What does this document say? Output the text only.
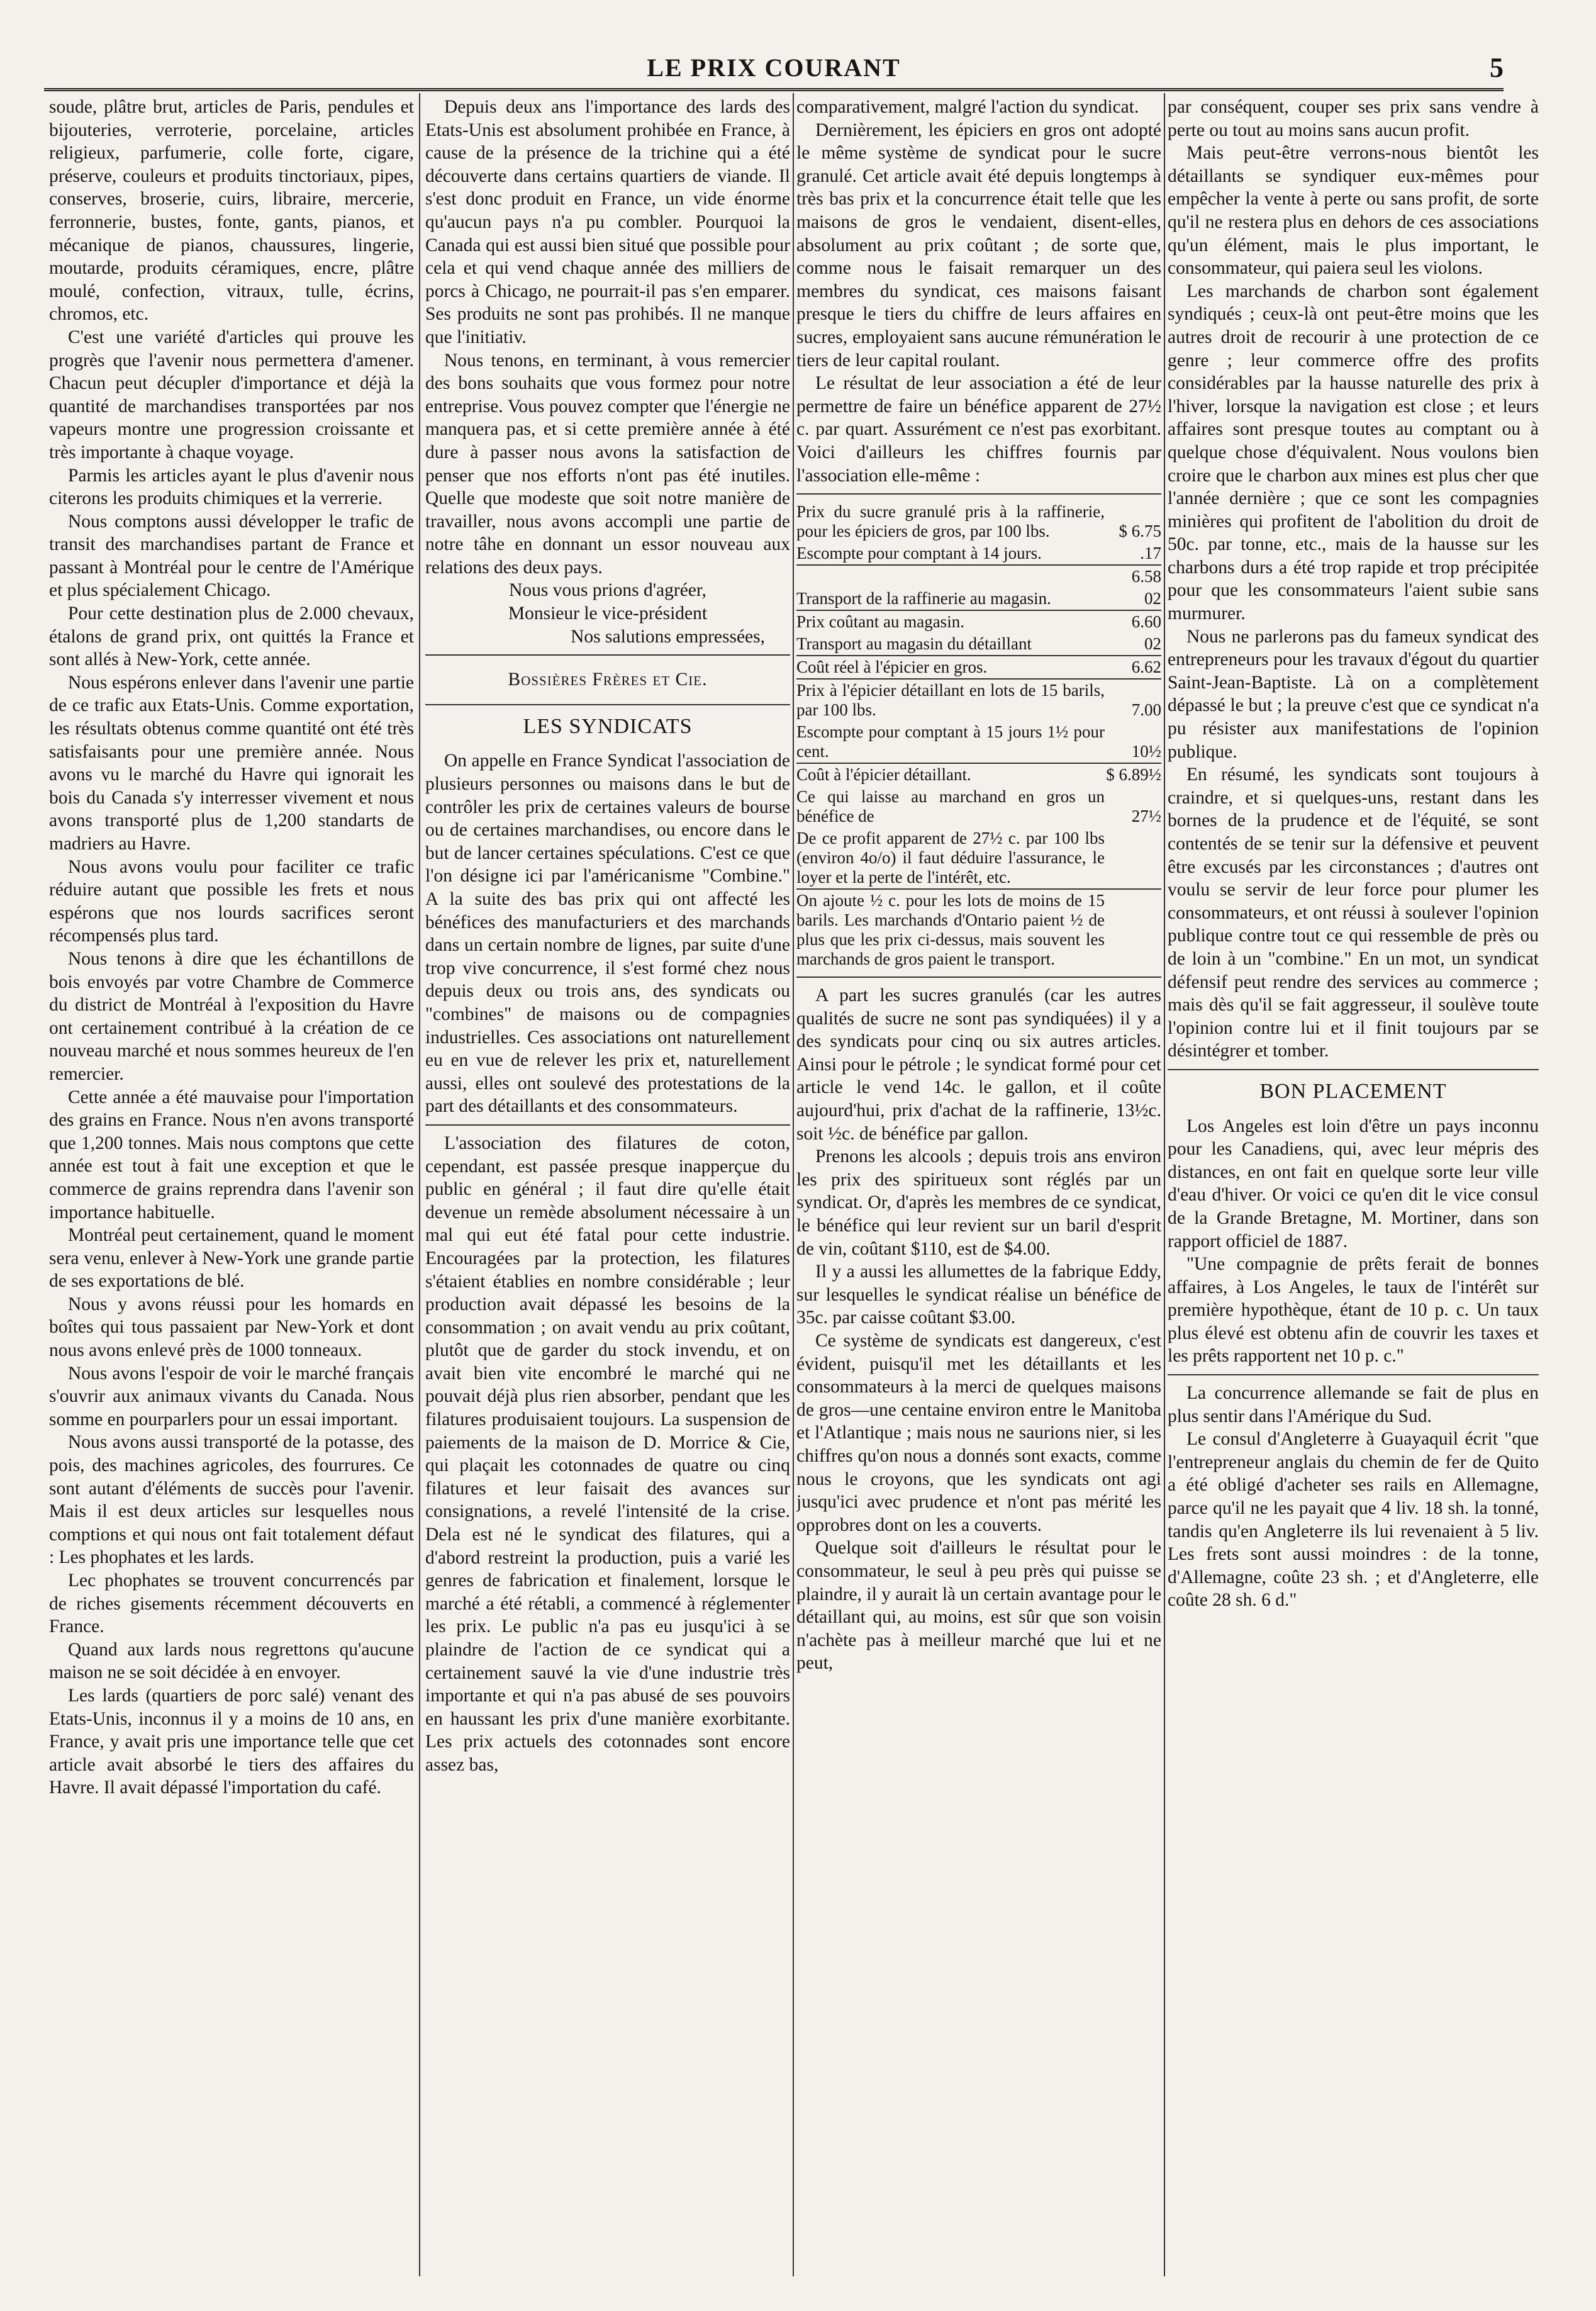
LE PRIX COURANT	5

soude, plâtre brut, articles de Paris, pendules et bijouteries, verroterie, porcelaine, articles religieux, parfumerie, colle forte, cigare, préserve, couleurs et produits tinctoriaux, pipes, conserves, broserie, cuirs, libraire, mercerie, ferronnerie, bustes, fonte, gants, pianos, et mécanique de pianos, chaussures, lingerie, moutarde, produits céramiques, encre, plâtre moulé, confection, vitraux, tulle, écrins, chromos, etc.

C'est une variété d'articles qui prouve les progrès que l'avenir nous permettera d'amener. Chacun peut décupler d'importance et déjà la quantité de marchandises transportées par nos vapeurs montre une progression croissante et très importante à chaque voyage.

Parmis les articles ayant le plus d'avenir nous citerons les produits chimiques et la verrerie.

Nous comptons aussi développer le trafic de transit des marchandises partant de France et passant à Montréal pour le centre de l'Amérique et plus spécialement Chicago.

Pour cette destination plus de 2.000 chevaux, étalons de grand prix, ont quittés la France et sont allés à New-York, cette année.

Nous espérons enlever dans l'avenir une partie de ce trafic aux Etats-Unis. Comme exportation, les résultats obtenus comme quantité ont été très satisfaisants pour une première année. Nous avons vu le marché du Havre qui ignorait les bois du Canada s'y interresser vivement et nous avons transporté plus de 1,200 standarts de madriers au Havre.

Nous avons voulu pour faciliter ce trafic réduire autant que possible les frets et nous espérons que nos lourds sacrifices seront récompensés plus tard.

Nous tenons à dire que les échantillons de bois envoyés par votre Chambre de Commerce du district de Montréal à l'exposition du Havre ont certainement contribué à la création de ce nouveau marché et nous sommes heureux de l'en remercier.

Cette année a été mauvaise pour l'importation des grains en France. Nous n'en avons transporté que 1,200 tonnes. Mais nous comptons que cette année est tout à fait une exception et que le commerce de grains reprendra dans l'avenir son importance habituelle.

Montréal peut certainement, quand le moment sera venu, enlever à New-York une grande partie de ses exportations de blé.

Nous y avons réussi pour les homards en boîtes qui tous passaient par New-York et dont nous avons enlevé près de 1000 tonneaux.

Nous avons l'espoir de voir le marché français s'ouvrir aux animaux vivants du Canada. Nous somme en pourparlers pour un essai important.

Nous avons aussi transporté de la potasse, des pois, des machines agricoles, des fourrures. Ce sont autant d'éléments de succès pour l'avenir. Mais il est deux articles sur lesquelles nous comptions et qui nous ont fait totalement défaut : Les phophates et les lards.

Lec phophates se trouvent concurrencés par de riches gisements récemment découverts en France.

Quand aux lards nous regrettons qu'aucune maison ne se soit décidée à en envoyer.

Les lards (quartiers de porc salé) venant des Etats-Unis, inconnus il y a moins de 10 ans, en France, y avait pris une importance telle que cet article avait absorbé le tiers des affaires du Havre. Il avait dépassé l'importation du café.

Depuis deux ans l'importance des lards des Etats-Unis est absolument prohibée en France, à cause de la présence de la trichine qui a été découverte dans certains quartiers de viande. Il s'est donc produit en France, un vide énorme qu'aucun pays n'a pu combler. Pourquoi la Canada qui est aussi bien situé que possible pour cela et qui vend chaque année des milliers de porcs à Chicago, ne pourrait-il pas s'en emparer. Ses produits ne sont pas prohibés. Il ne manque que l'initiativ.

Nous tenons, en terminant, à vous remercier des bons souhaits que vous formez pour notre entreprise. Vous pouvez compter que l'énergie ne manquera pas, et si cette première année à été dure à passer nous avons la satisfaction de penser que nos efforts n'ont pas été inutiles. Quelle que modeste que soit notre manière de travailler, nous avons accompli une partie de notre tâhe en donnant un essor nouveau aux relations des deux pays.

Nous vous prions d'agréer,

Monsieur le vice-président

Nos salutions empressées,

Bossières Frères et Cie.

LES SYNDICATS

On appelle en France Syndicat l'association de plusieurs personnes ou maisons dans le but de contrôler les prix de certaines valeurs de bourse ou de certaines marchandises, ou encore dans le but de lancer certaines spéculations. C'est ce que l'on désigne ici par l'américanisme "Combine." A la suite des bas prix qui ont affecté les bénéfices des manufacturiers et des marchands dans un certain nombre de lignes, par suite d'une trop vive concurrence, il s'est formé chez nous depuis deux ou trois ans, des syndicats ou "combines" de maisons ou de compagnies industrielles. Ces associations ont naturellement eu en vue de relever les prix et, naturellement aussi, elles ont soulevé des protestations de la part des détaillants et des consommateurs.

L'association des filatures de coton, cependant, est passée presque inapperçue du public en général ; il faut dire qu'elle était devenue un remède absolument nécessaire à un mal qui eut été fatal pour cette industrie. Encouragées par la protection, les filatures s'étaient établies en nombre considérable ; leur production avait dépassé les besoins de la consommation ; on avait vendu au prix coûtant, plutôt que de garder du stock invendu, et on avait bien vite encombré le marché qui ne pouvait déjà plus rien absorber, pendant que les filatures produisaient toujours. La suspension de paiements de la maison de D. Morrice & Cie, qui plaçait les cotonnades de quatre ou cinq filatures et leur faisait des avances sur consignations, a revelé l'intensité de la crise. Dela est né le syndicat des filatures, qui a d'abord restreint la production, puis a varié les genres de fabrication et finalement, lorsque le marché a été rétabli, a commencé à réglementer les prix. Le public n'a pas eu jusqu'ici à se plaindre de l'action de ce syndicat qui a certainement sauvé la vie d'une industrie très importante et qui n'a pas abusé de ses pouvoirs en haussant les prix d'une manière exorbitante. Les prix actuels des cotonnades sont encore assez bas,

comparativement, malgré l'action du syndicat.

Dernièrement, les épiciers en gros ont adopté le même système de syndicat pour le sucre granulé. Cet article avait été depuis longtemps à très bas prix et la concurrence était telle que les maisons de gros le vendaient, disent-elles, absolument au prix coûtant ; de sorte que, comme nous le faisait remarquer un des membres du syndicat, ces maisons faisant presque le tiers du chiffre de leurs affaires en sucres, employaient sans aucune rémunération le tiers de leur capital roulant.

Le résultat de leur association a été de leur permettre de faire un bénéfice apparent de 27½ c. par quart. Assurément ce n'est pas exorbitant. Voici d'ailleurs les chiffres fournis par l'association elle-même :

Prix du sucre granulé pris à la raffinerie, pour les épiciers de gros, par 100 lbs.	$ 6.75
Escompte pour comptant à 14 jours.	.17
	6.58
Transport de la raffinerie au magasin.	02
Prix coûtant au magasin.	6.60
Transport au magasin du détaillant	02
Coût réel à l'épicier en gros.	6.62
Prix à l'épicier détaillant en lots de 15 barils, par 100 lbs.	7.00
Escompte pour comptant à 15 jours 1½ pour cent.	10½
Coût à l'épicier détaillant.	$ 6.89½
Ce qui laisse au marchand en gros un bénéfice de	27½
De ce profit apparent de 27½ c. par 100 lbs (environ 4o/o) il faut déduire l'assurance, le loyer et la perte de l'intérêt, etc.	
On ajoute ½ c. pour les lots de moins de 15 barils. Les marchands d'Ontario paient ½ de plus que les prix ci-dessus, mais souvent les marchands de gros paient le transport.	

A part les sucres granulés (car les autres qualités de sucre ne sont pas syndiquées) il y a des syndicats pour cinq ou six autres articles. Ainsi pour le pétrole ; le syndicat formé pour cet article le vend 14c. le gallon, et il coûte aujourd'hui, prix d'achat de la raffinerie, 13½c. soit ½c. de bénéfice par gallon.

Prenons les alcools ; depuis trois ans environ les prix des spiritueux sont réglés par un syndicat. Or, d'après les membres de ce syndicat, le bénéfice qui leur revient sur un baril d'esprit de vin, coûtant $110, est de $4.00.

Il y a aussi les allumettes de la fabrique Eddy, sur lesquelles le syndicat réalise un bénéfice de 35c. par caisse coûtant $3.00.

Ce système de syndicats est dangereux, c'est évident, puisqu'il met les détaillants et les consommateurs à la merci de quelques maisons de gros—une centaine environ entre le Manitoba et l'Atlantique ; mais nous ne saurions nier, si les chiffres qu'on nous a donnés sont exacts, comme nous le croyons, que les syndicats ont agi jusqu'ici avec prudence et n'ont pas mérité les opprobres dont on les a couverts.

Quelque soit d'ailleurs le résultat pour le consommateur, le seul à peu près qui puisse se plaindre, il y aurait là un certain avantage pour le détaillant qui, au moins, est sûr que son voisin n'achète pas à meilleur marché que lui et ne peut,

par conséquent, couper ses prix sans vendre à perte ou tout au moins sans aucun profit.

Mais peut-être verrons-nous bientôt les détaillants se syndiquer eux-mêmes pour empêcher la vente à perte ou sans profit, de sorte qu'il ne restera plus en dehors de ces associations qu'un élément, mais le plus important, le consommateur, qui paiera seul les violons.

Les marchands de charbon sont également syndiqués ; ceux-là ont peut-être moins que les autres droit de recourir à une protection de ce genre ; leur commerce offre des profits considérables par la hausse naturelle des prix à l'hiver, lorsque la navigation est close ; et leurs affaires sont presque toutes au comptant ou à quelque chose d'équivalent. Nous voulons bien croire que le charbon aux mines est plus cher que l'année dernière ; que ce sont les compagnies minières qui profitent de l'abolition du droit de 50c. par tonne, etc., mais de la hausse sur les charbons durs a été trop rapide et trop précipitée pour que les consommateurs l'aient subie sans murmurer.

Nous ne parlerons pas du fameux syndicat des entrepreneurs pour les travaux d'égout du quartier Saint-Jean-Baptiste. Là on a complètement dépassé le but ; la preuve c'est que ce syndicat n'a pu résister aux manifestations de l'opinion publique.

En résumé, les syndicats sont toujours à craindre, et si quelques-uns, restant dans les bornes de la prudence et de l'équité, se sont contentés de se tenir sur la défensive et peuvent être excusés par les circonstances ; d'autres ont voulu se servir de leur force pour plumer les consommateurs, et ont réussi à soulever l'opinion publique contre tout ce qui ressemble de près ou de loin à un "combine." En un mot, un syndicat défensif peut rendre des services au commerce ; mais dès qu'il se fait aggresseur, il soulève toute l'opinion contre lui et il finit toujours par se désintégrer et tomber.

BON PLACEMENT

Los Angeles est loin d'être un pays inconnu pour les Canadiens, qui, avec leur mépris des distances, en ont fait en quelque sorte leur ville d'eau d'hiver. Or voici ce qu'en dit le vice consul de la Grande Bretagne, M. Mortiner, dans son rapport officiel de 1887.

"Une compagnie de prêts ferait de bonnes affaires, à Los Angeles, le taux de l'intérêt sur première hypothèque, étant de 10 p. c. Un taux plus élevé est obtenu afin de couvrir les taxes et les prêts rapportent net 10 p. c."

La concurrence allemande se fait de plus en plus sentir dans l'Amérique du Sud.

Le consul d'Angleterre à Guayaquil écrit "que l'entrepreneur anglais du chemin de fer de Quito a été obligé d'acheter ses rails en Allemagne, parce qu'il ne les payait que 4 liv. 18 sh. la tonné, tandis qu'en Angleterre ils lui revenaient à 5 liv. Les frets sont aussi moindres : de la tonne, d'Allemagne, coûte 23 sh. ; et d'Angleterre, elle coûte 28 sh. 6 d."
